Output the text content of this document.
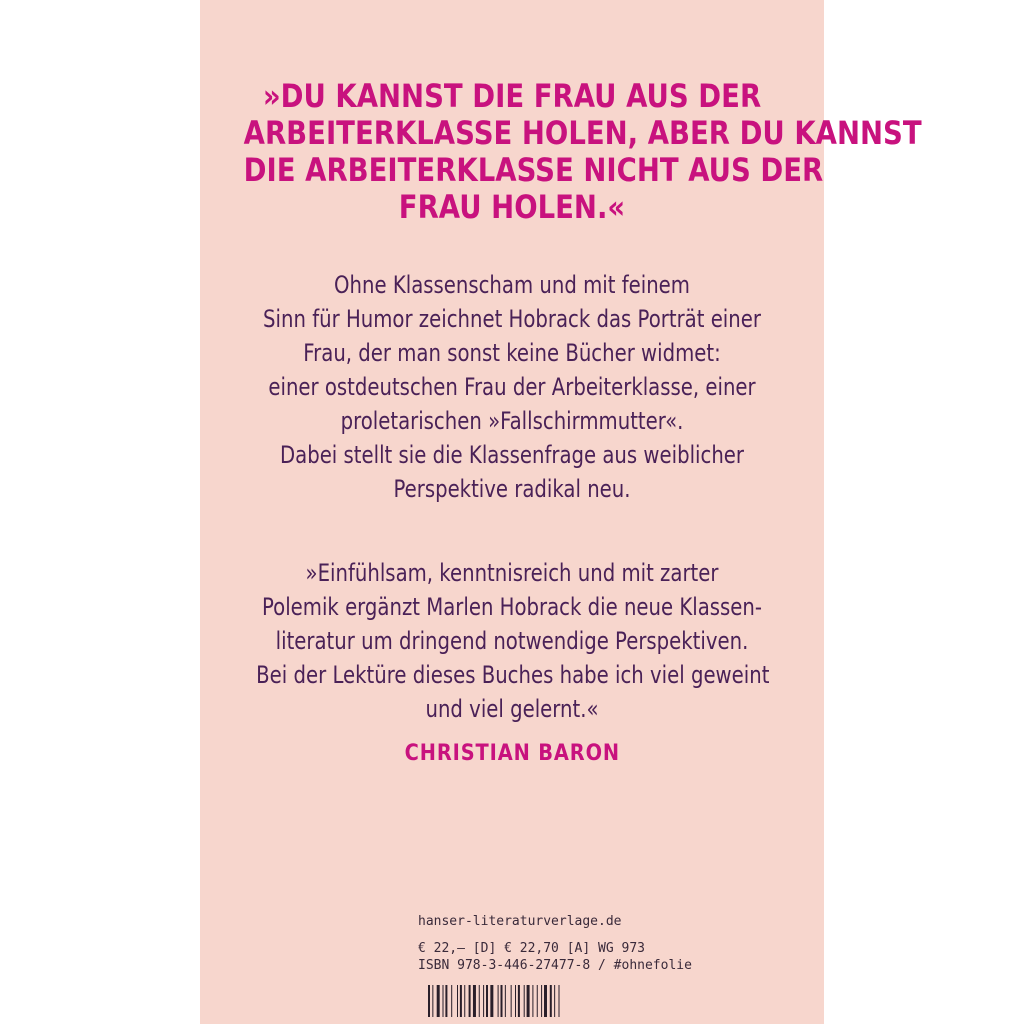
»DU KANNST DIE FRAU AUS DER
ARBEITERKLASSE HOLEN, ABER DU KANNST
DIE ARBEITERKLASSE NICHT AUS DER
FRAU HOLEN.«
Ohne Klassenscham und mit feinem
Sinn für Humor zeichnet Hobrack das Porträt einer
Frau, der man sonst keine Bücher widmet:
einer ostdeutschen Frau der Arbeiterklasse, einer
proletarischen »Fallschirmmutter«.
Dabei stellt sie die Klassenfrage aus weiblicher
Perspektive radikal neu.
»Einfühlsam, kenntnisreich und mit zarter
Polemik ergänzt Marlen Hobrack die neue Klassen-
literatur um dringend notwendige Perspektiven.
Bei der Lektüre dieses Buches habe ich viel geweint
und viel gelernt.«
CHRISTIAN BARON
hanser-literaturverlage.de
€ 22,– [D] € 22,70 [A] WG 973
ISBN 978-3-446-27477-8 / #ohnefolie
